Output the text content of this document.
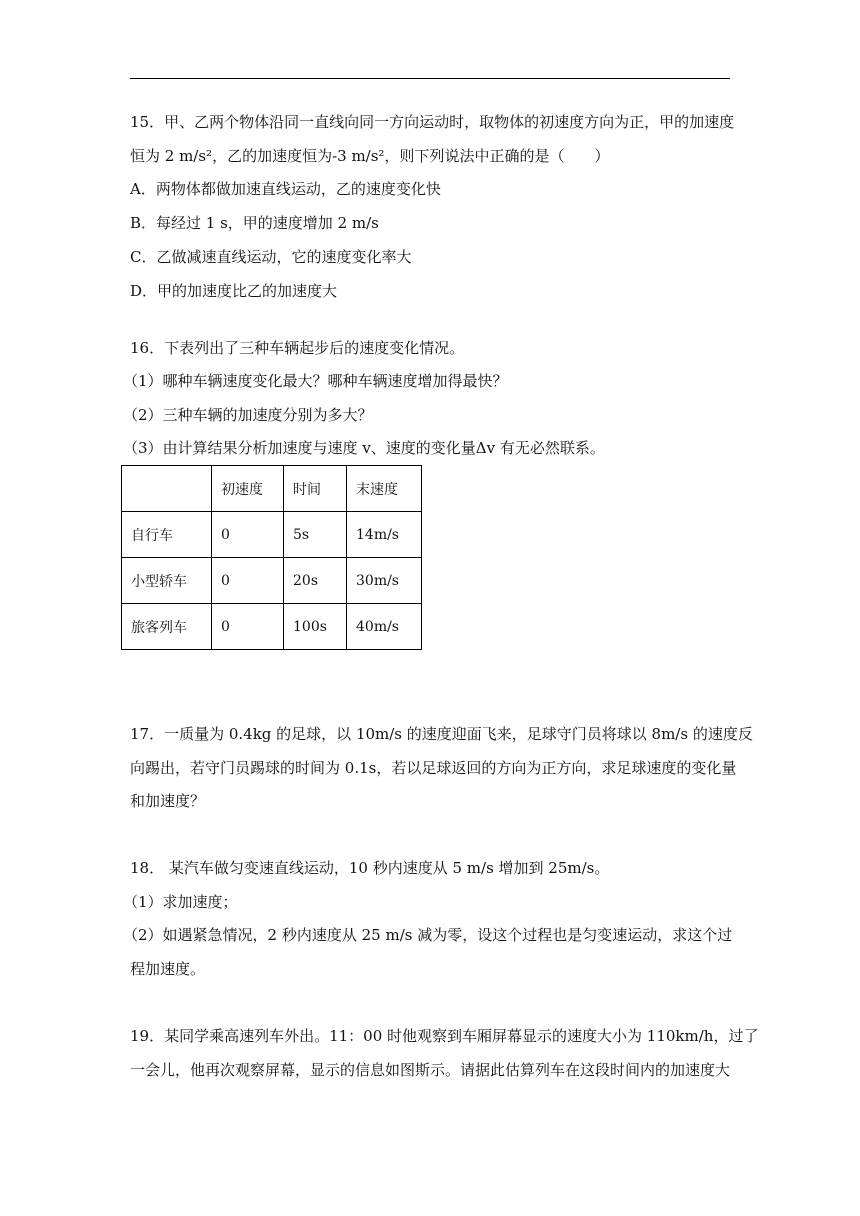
15．甲、乙两个物体沿同一直线向同一方向运动时，取物体的初速度方向为正，甲的加速度
恒为 2 m/s²，乙的加速度恒为-3 m/s²，则下列说法中正确的是（　　）
A．两物体都做加速直线运动，乙的速度变化快
B．每经过 1 s，甲的速度增加 2 m/s
C．乙做减速直线运动，它的速度变化率大
D．甲的加速度比乙的加速度大
16．下表列出了三种车辆起步后的速度变化情况。
（1）哪种车辆速度变化最大？哪种车辆速度增加得最快？
（2）三种车辆的加速度分别为多大？
（3）由计算结果分析加速度与速度 v、速度的变化量Δv 有无必然联系。
	初速度	时间	末速度
自行车	0	5s	14m/s
小型轿车	0	20s	30m/s
旅客列车	0	100s	40m/s
17．一质量为 0.4kg 的足球，以 10m/s 的速度迎面飞来，足球守门员将球以 8m/s 的速度反
向踢出，若守门员踢球的时间为 0.1s，若以足球返回的方向为正方向，求足球速度的变化量
和加速度？
18． 某汽车做匀变速直线运动，10 秒内速度从 5 m/s 增加到 25m/s。
（1）求加速度；
（2）如遇紧急情况，2 秒内速度从 25 m/s 减为零，设这个过程也是匀变速运动，求这个过
程加速度。
19．某同学乘高速列车外出。11：00 时他观察到车厢屏幕显示的速度大小为 110km/h，过了
一会儿，他再次观察屏幕，显示的信息如图斯示。请据此估算列车在这段时间内的加速度大
